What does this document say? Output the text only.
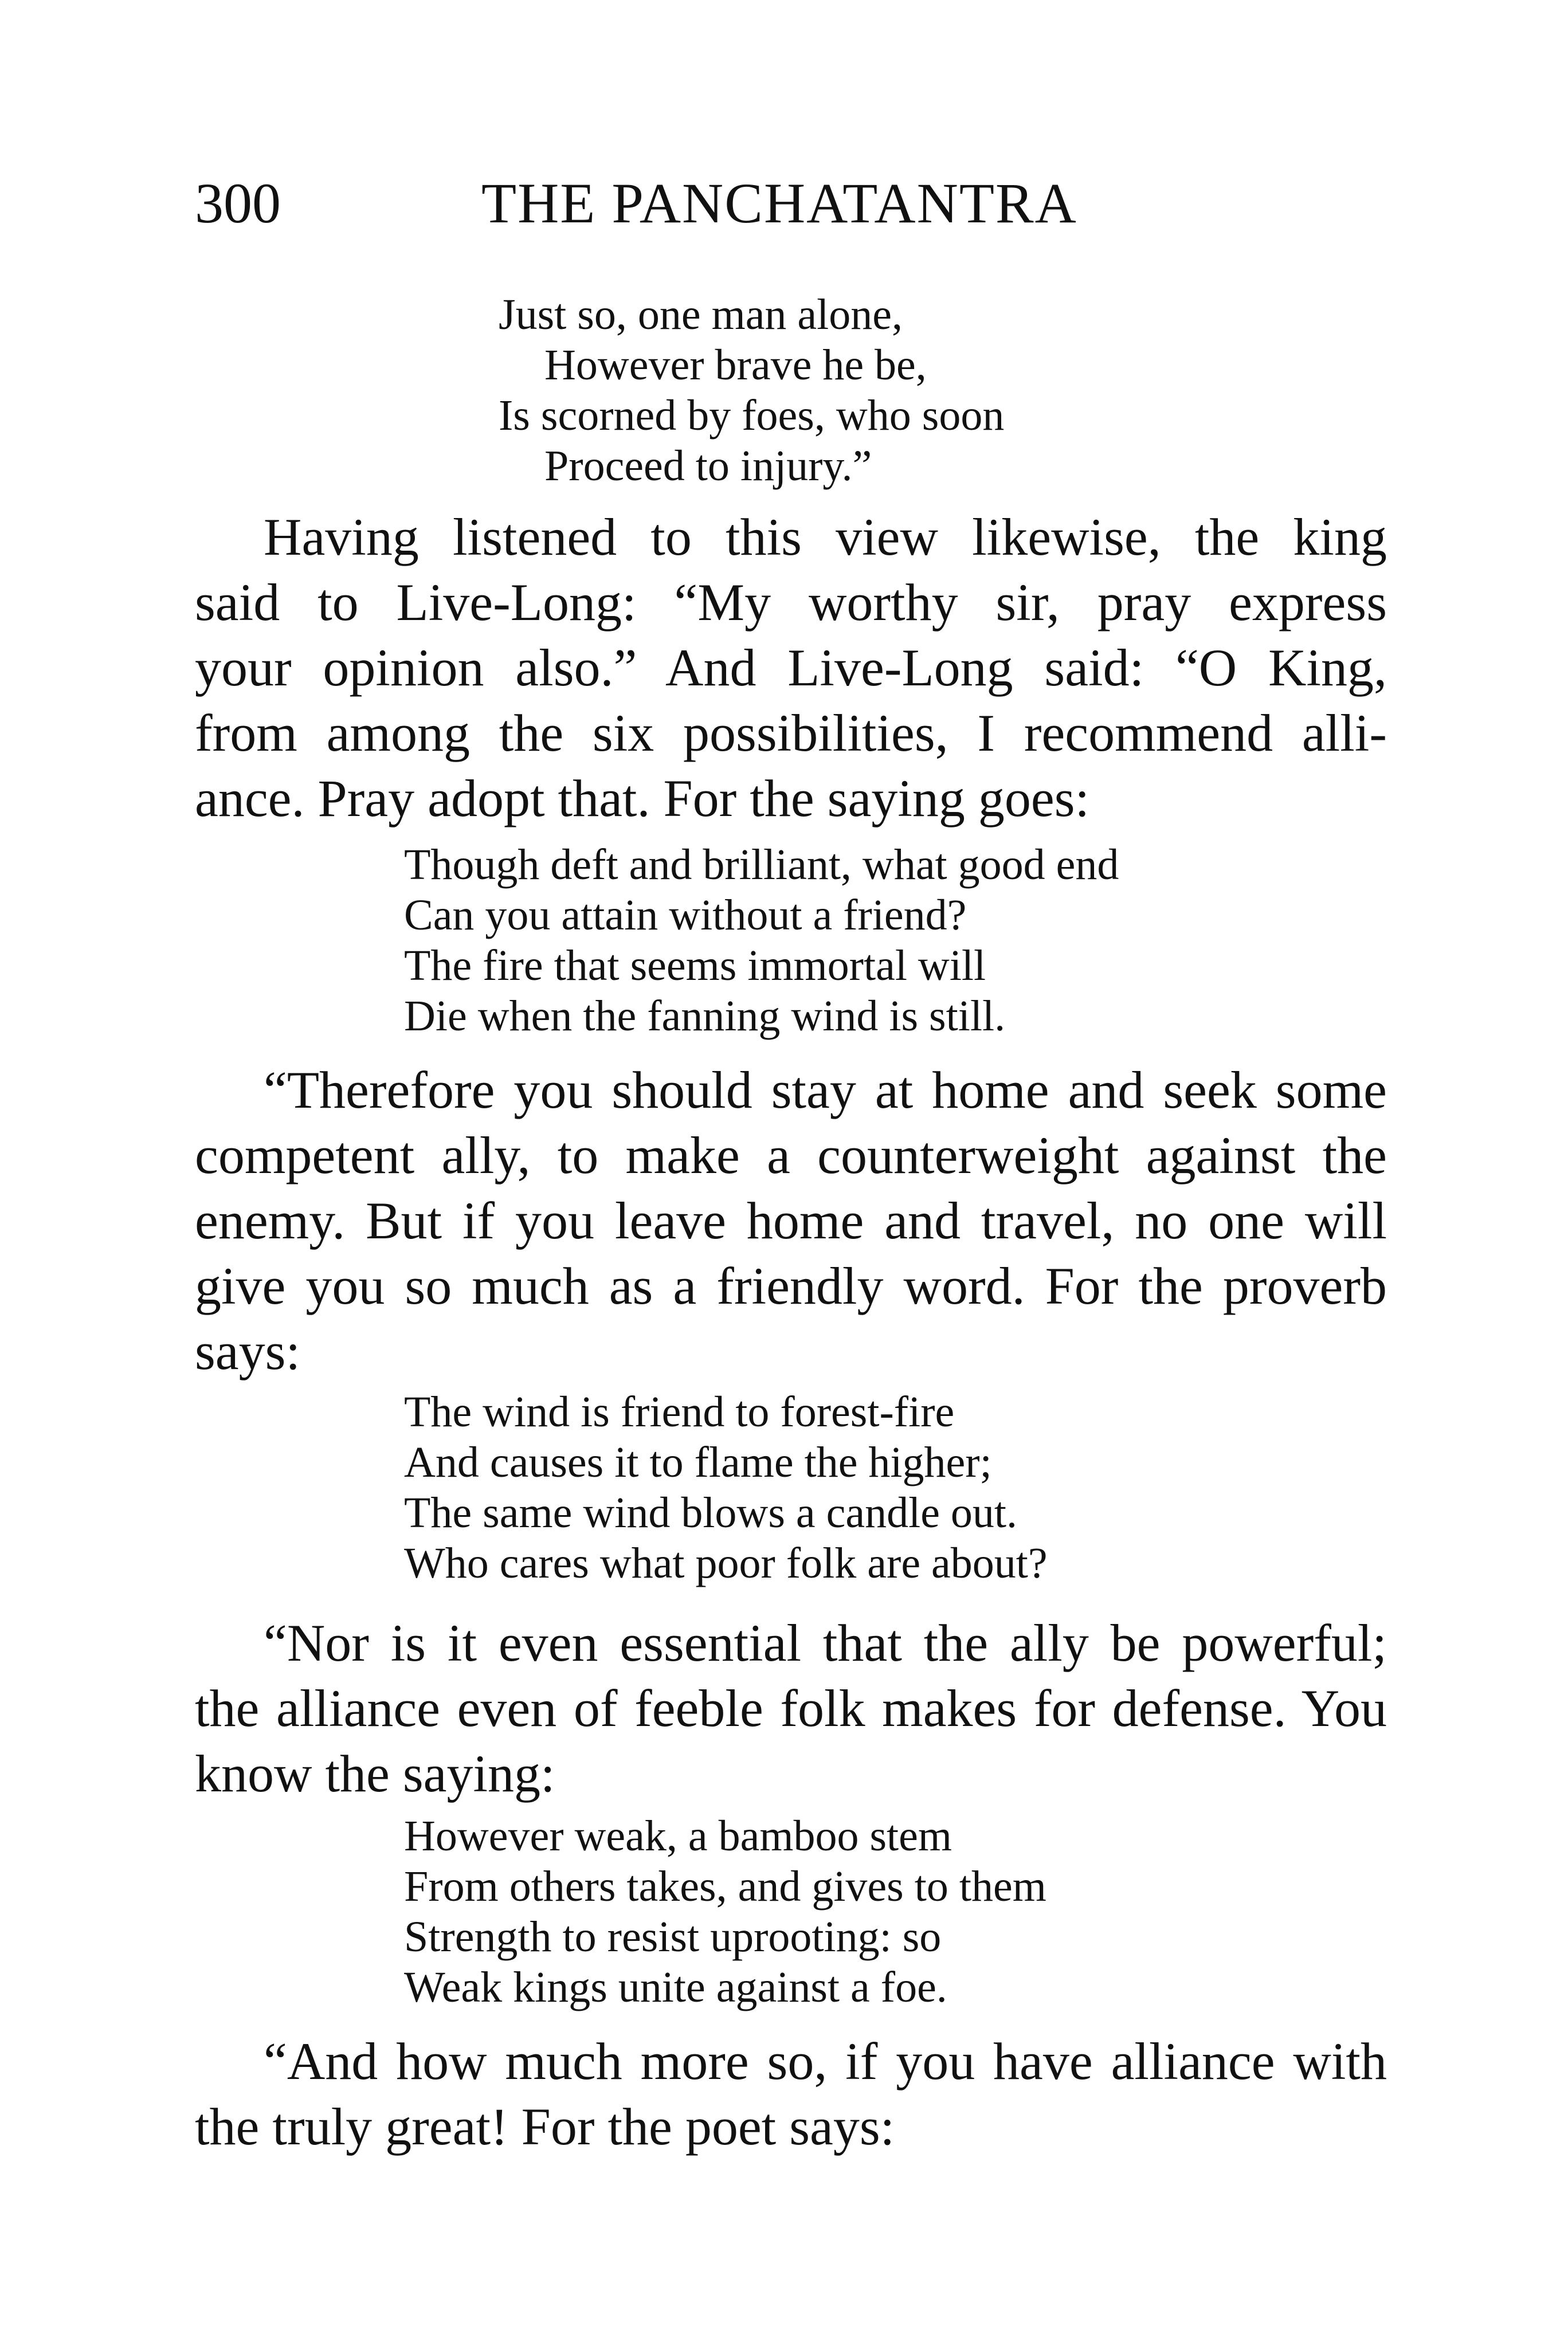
300	THE PANCHATANTRA
Just so, one man alone,
However brave he be,
Is scorned by foes, who soon
Proceed to injury.”
Having listened to this view likewise, the king
said to Live-Long: “My worthy sir, pray express
your opinion also.” And Live-Long said: “O King,
from among the six possibilities, I recommend alli-
ance. Pray adopt that. For the saying goes:
Though deft and brilliant, what good end
Can you attain without a friend?
The fire that seems immortal will
Die when the fanning wind is still.
“Therefore you should stay at home and seek some
competent ally, to make a counterweight against the
enemy. But if you leave home and travel, no one will
give you so much as a friendly word. For the proverb
says:
The wind is friend to forest-fire
And causes it to flame the higher;
The same wind blows a candle out.
Who cares what poor folk are about?
“Nor is it even essential that the ally be powerful;
the alliance even of feeble folk makes for defense. You
know the saying:
However weak, a bamboo stem
From others takes, and gives to them
Strength to resist uprooting: so
Weak kings unite against a foe.
“And how much more so, if you have alliance with
the truly great! For the poet says:
